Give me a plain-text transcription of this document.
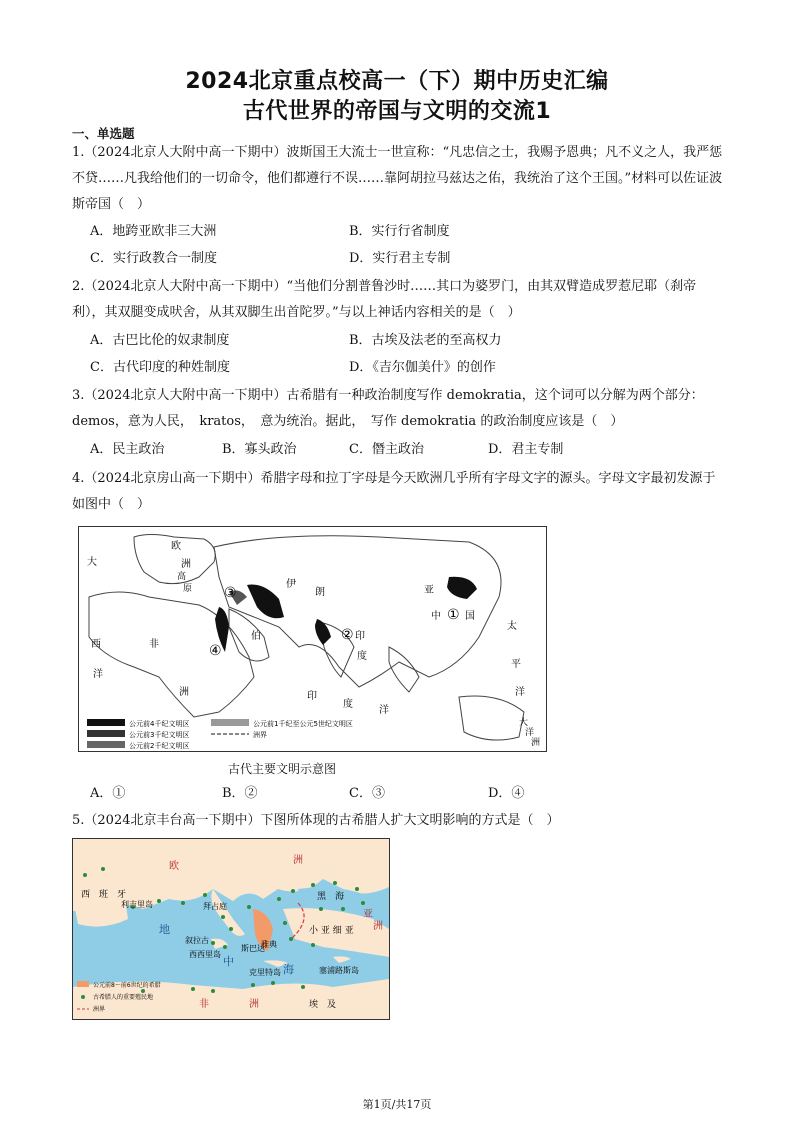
2024北京重点校高一（下）期中历史汇编
古代世界的帝国与文明的交流1
一、单选题
1.（2024北京人大附中高一下期中）波斯国王大流士一世宣称：“凡忠信之士，我赐予恩典；凡不义之人，我严惩不贷……凡我给他们的一切命令，他们都遵行不误……靠阿胡拉马兹达之佑，我统治了这个王国。”材料可以佐证波斯帝国（　）
A．地跨亚欧非三大洲	B．实行行省制度
C．实行政教合一制度	D．实行君主专制
2.（2024北京人大附中高一下期中）“当他们分割普鲁沙时……其口为婆罗门，由其双臂造成罗惹尼耶（刹帝利），其双腿变成吠舍，从其双脚生出首陀罗。”与以上神话内容相关的是（　）
A．古巴比伦的奴隶制度	B．古埃及法老的至高权力
C．古代印度的种姓制度	D．《吉尔伽美什》的创作
3.（2024北京人大附中高一下期中）古希腊有一种政治制度写作 demokratia，这个词可以分解为两个部分：demos，意为人民，　kratos，　意为统治。据此，　写作 demokratia 的政治制度应该是（　）
A．民主政治	B．寡头政治	C．僭主政治	D．君主专制
4.（2024北京房山高一下期中）希腊字母和拉丁字母是今天欧洲几乎所有字母文字的源头。字母文字最初发源于如图中（　）
③
④
②
①
欧
洲
大
西
洋
非
洲
伊
朗
印
度
中 国
亚
太
平
洋
大
洋
洲
印
度
洋
高
原
伯
公元前4千纪文明区
公元前3千纪文明区
公元前2千纪文明区
公元前1千纪至公元5世纪文明区
洲界
古代主要文明示意图
A．①	B．②	C．③	D．④
5.（2024北京丰台高一下期中）下图所体现的古希腊人扩大文明影响的方式是（　）
欧
洲
西　班　牙
利吉里岛	拜占庭
叙拉古
斯巴达
雅典
西西里岛
克里特岛	塞浦路斯岛
小 亚 细 亚
黑　海
亚
洲
地
中
海
非	洲	埃　及
公元前8～前6世纪的希腊
古希腊人的重要殖民地
洲界
第1页/共17页
